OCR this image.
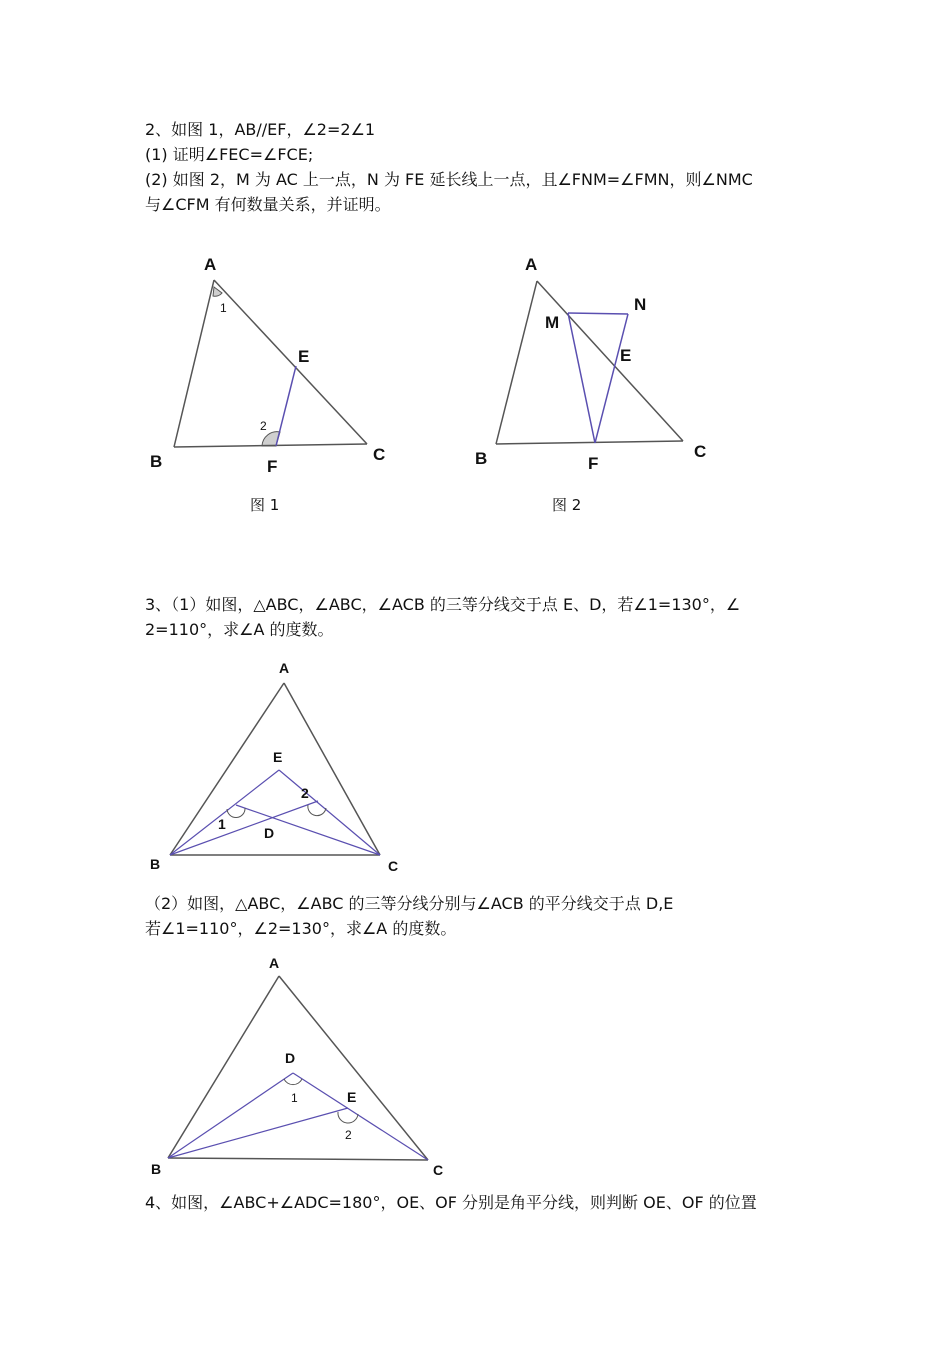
2、如图 1，AB//EF，∠2=2∠1
(1) 证明∠FEC=∠FCE;
(2) 如图 2，M 为 AC 上一点，N 为 FE 延长线上一点，且∠FNM=∠FMN，则∠NMC
与∠CFM 有何数量关系，并证明。
A
B	C
E
F
1
2
A
B	C
E
F
M
N
A
B	C
D
E
1
2
A
B	C
D
E
1
2
图 1	图 2
3、（1）如图，△ABC，∠ABC，∠ACB 的三等分线交于点 E、D，若∠1=130°，∠
2=110°，求∠A 的度数。
（2）如图，△ABC，∠ABC 的三等分线分别与∠ACB 的平分线交于点 D,E
若∠1=110°，∠2=130°，求∠A 的度数。
4、如图，∠ABC+∠ADC=180°，OE、OF 分别是角平分线，则判断 OE、OF 的位置
